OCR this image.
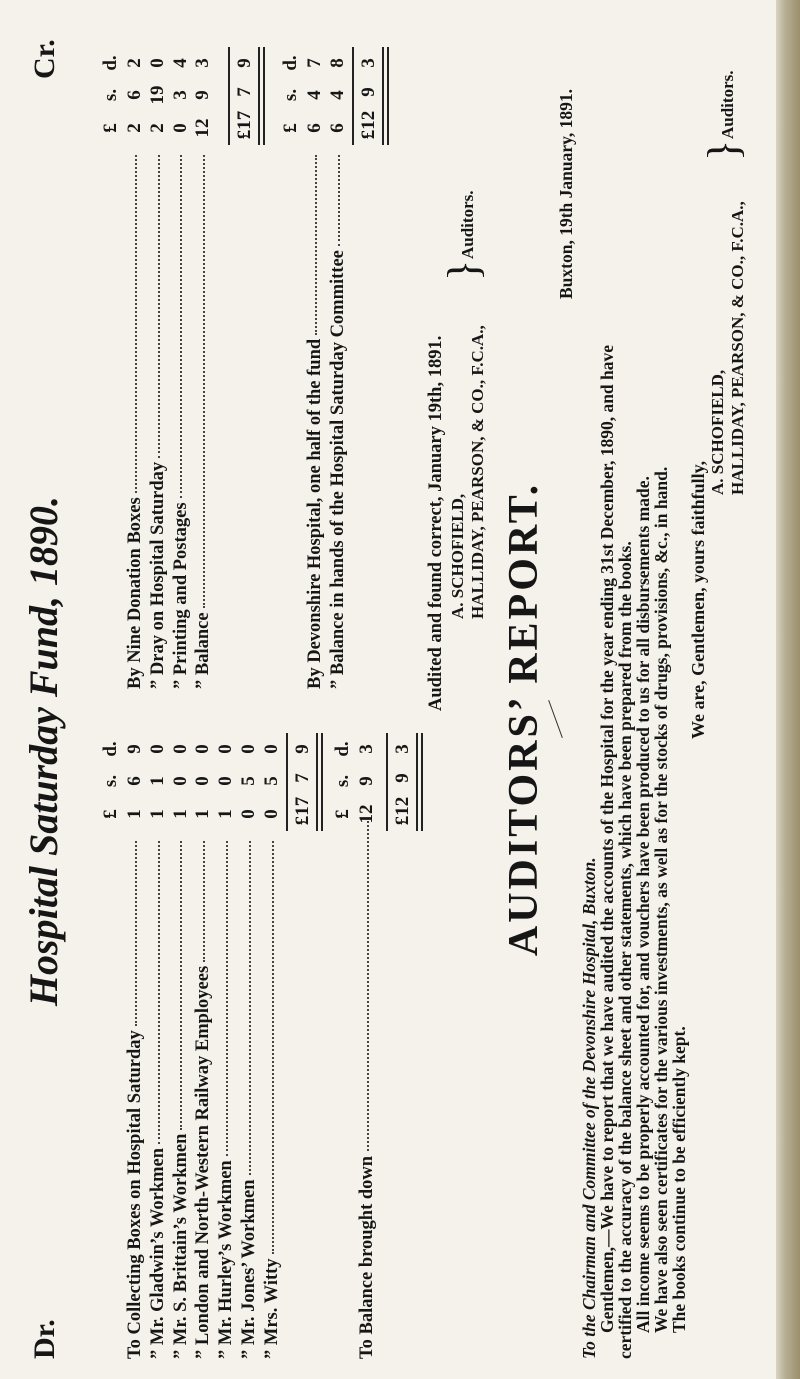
Dr.
Hospital Saturday Fund, 1890.
Cr.
£
s.
d.
To Collecting Boxes on Hospital Saturday
1
6
9
” Mr. Gladwin’s Workmen
1
1
0
” Mr. S. Brittain’s Workmen
1
0
0
” London and North-Western Railway Employees
1
0
0
” Mr. Hurley’s Workmen
1
0
0
” Mr. Jones’ Workmen
0
5
0
” Mrs. Witty
0
5
0
£17
7
9
£
s.
d.
To Balance brought down
12
9
3
£12
9
3
£
s.
d.
By Nine Donation Boxes
2
6
2
” Dray on Hospital Saturday
2
19
0
” Printing and Postages
0
3
4
” Balance
12
9
3
£17
7
9
£
s.
d.
By Devonshire Hospital, one half of the fund
6
4
7
” Balance in hands of the Hospital Saturday Committee
6
4
8
£12
9
3
Audited and found correct, January 19th, 1891. A. SCHOFIELD, HALLIDAY, PEARSON, & CO., F.C.A.,
}
Auditors.
AUDITORS’ REPORT.
Buxton, 19th January, 1891.

To the Chairman and Committee of the Devonshire Hospital, Buxton.

Gentlemen,—We have to report that we have audited the accounts of the Hospital for the year ending 31st December, 1890, and have

certified to the accuracy of the balance sheet and other statements, which have been prepared from the books.

All income seems to be properly accounted for, and vouchers have been produced to us for all disbursements made.

We have also seen certificates for the various investments, as well as for the stocks of drugs, provisions, &c., in hand.

The books continue to be efficiently kept.

We are, Gentlemen, yours faithfully,
A. SCHOFIELD, HALLIDAY, PEARSON, & CO., F.C.A.,
}
Auditors.
